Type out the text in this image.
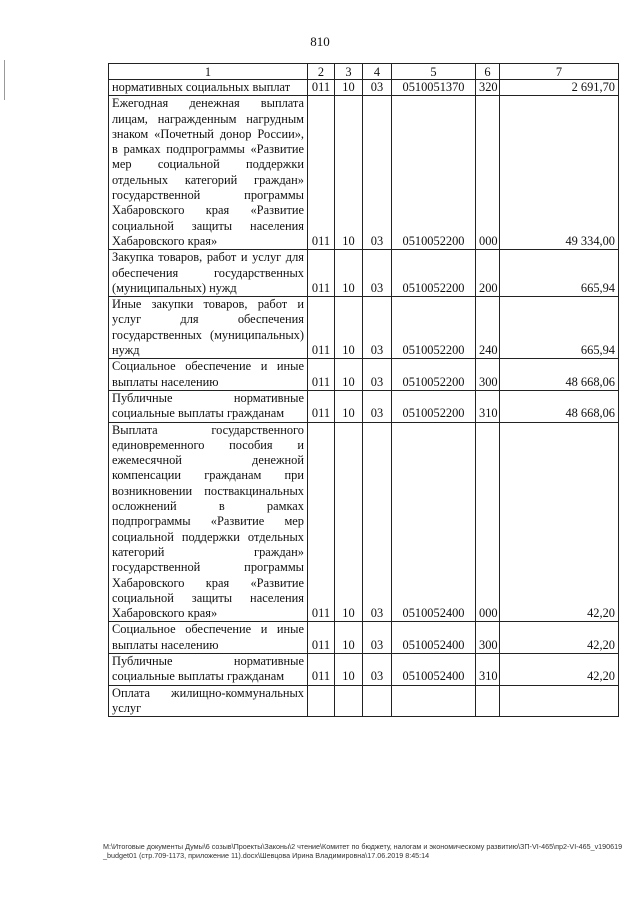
810
1	2	3	4	5	6	7
нормативных социальных выплат	011	10	03	0510051370	320	2 691,70
Ежегодная денежная выплата лицам, награжденным нагрудным знаком «Почетный донор России», в рамках подпрограммы «Развитие мер социальной поддержки отдельных категорий граждан» государственной программы Хабаровского края «Развитие социальной защиты населения Хабаровского края»	011	10	03	0510052200	000	49 334,00
Закупка товаров, работ и услуг для обеспечения государственных (муниципальных) нужд	011	10	03	0510052200	200	665,94
Иные закупки товаров, работ и услуг для обеспечения государственных (муниципальных) нужд	011	10	03	0510052200	240	665,94
Социальное обеспечение и иные выплаты населению	011	10	03	0510052200	300	48 668,06
Публичные нормативные социальные выплаты гражданам	011	10	03	0510052200	310	48 668,06
Выплата государственного единовременного пособия и ежемесячной денежной компенсации гражданам при возникновении поствакцинальных осложнений в рамках подпрограммы «Развитие мер социальной поддержки отдельных категорий граждан» государственной программы Хабаровского края «Развитие социальной защиты населения Хабаровского края»	011	10	03	0510052400	000	42,20
Социальное обеспечение и иные выплаты населению	011	10	03	0510052400	300	42,20
Публичные нормативные социальные выплаты гражданам	011	10	03	0510052400	310	42,20
Оплата жилищно-коммунальных услуг						
M:\Итоговые документы Думы\6 созыв\Проекты\Законы\2 чтение\Комитет по бюджету, налогам и экономическому развитию\ЗП-VI-465\пр2-VI-465_v190619_budget01 (стр.709-1173, приложение 11).docx\Шевцова Ирина Владимировна\17.06.2019 8:45:14
